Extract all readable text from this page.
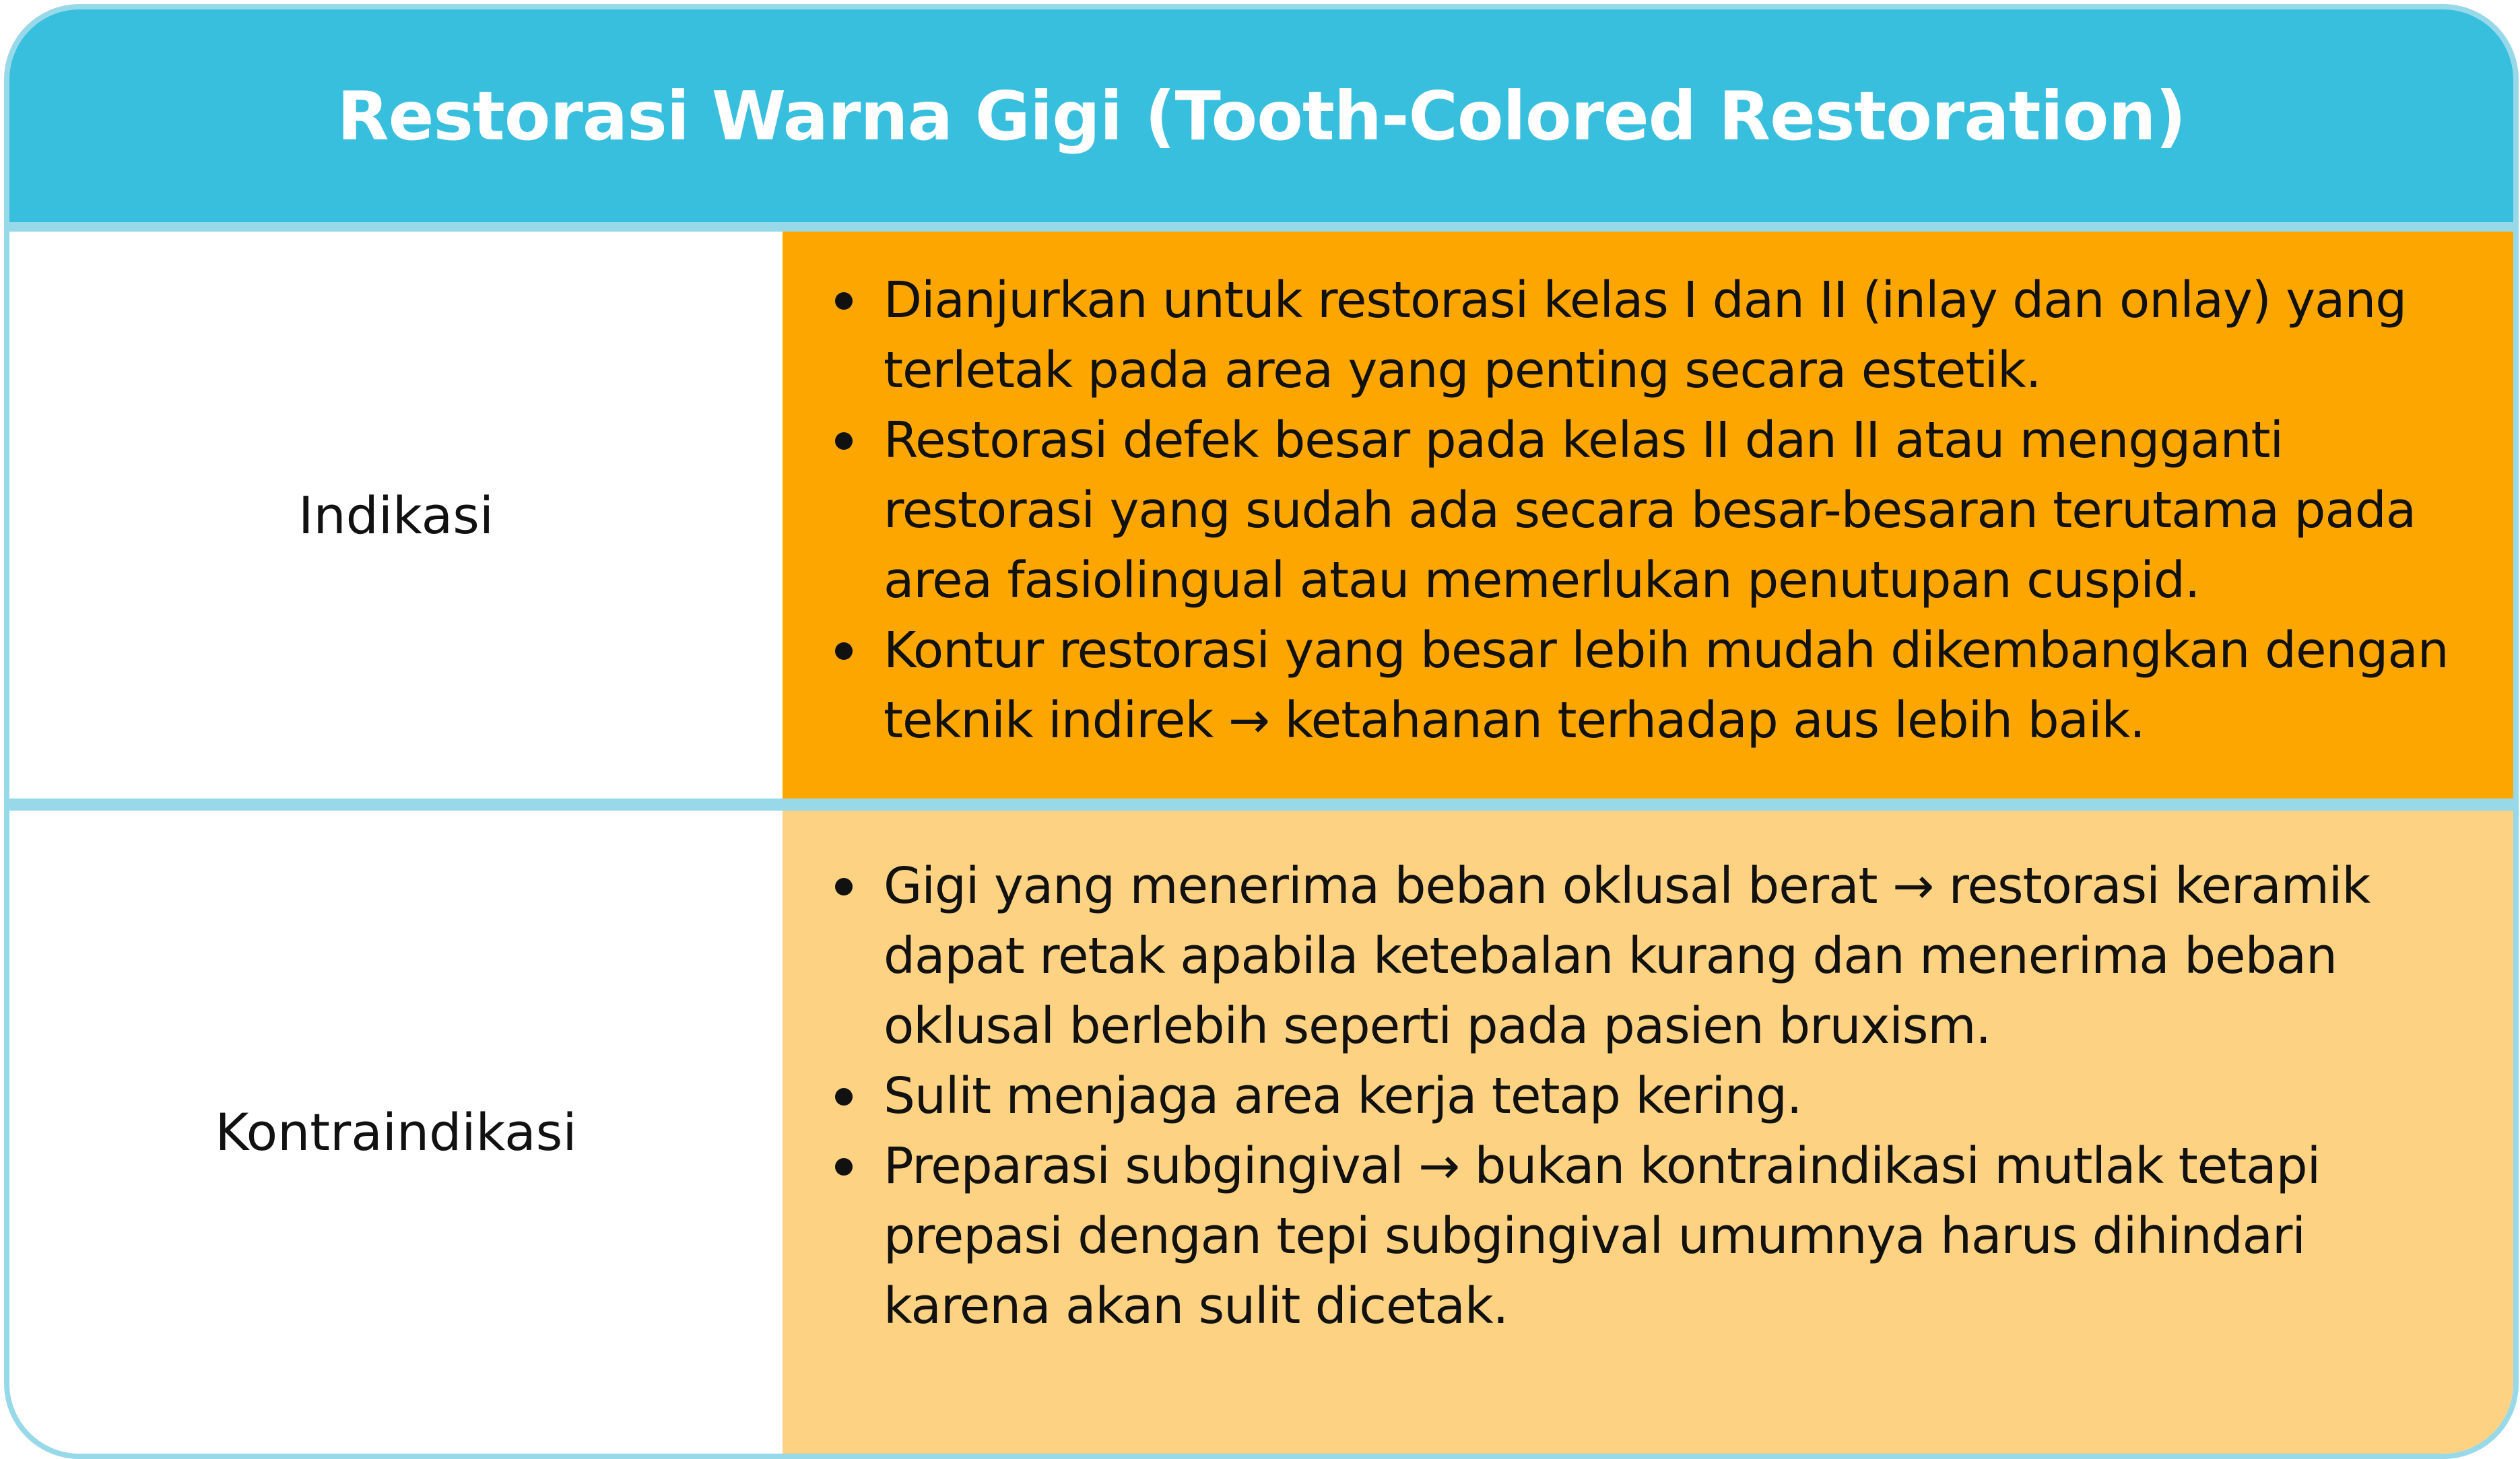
Restorasi Warna Gigi (Tooth-Colored Restoration)
Indikasi
Dianjurkan untuk restorasi kelas I dan II (inlay dan onlay) yang terletak pada area yang penting secara estetik.
Restorasi defek besar pada kelas II dan II atau mengganti restorasi yang sudah ada secara besar-besaran terutama pada area fasiolingual atau memerlukan penutupan cuspid.
Kontur restorasi yang besar lebih mudah dikembangkan dengan teknik indirek → ketahanan terhadap aus lebih baik.
Kontraindikasi
Gigi yang menerima beban oklusal berat → restorasi keramik dapat retak apabila ketebalan kurang dan menerima beban oklusal berlebih seperti pada pasien bruxism.
Sulit menjaga area kerja tetap kering.
Preparasi subgingival → bukan kontraindikasi mutlak tetapi prepasi dengan tepi subgingival umumnya harus dihindari karena akan sulit dicetak.
